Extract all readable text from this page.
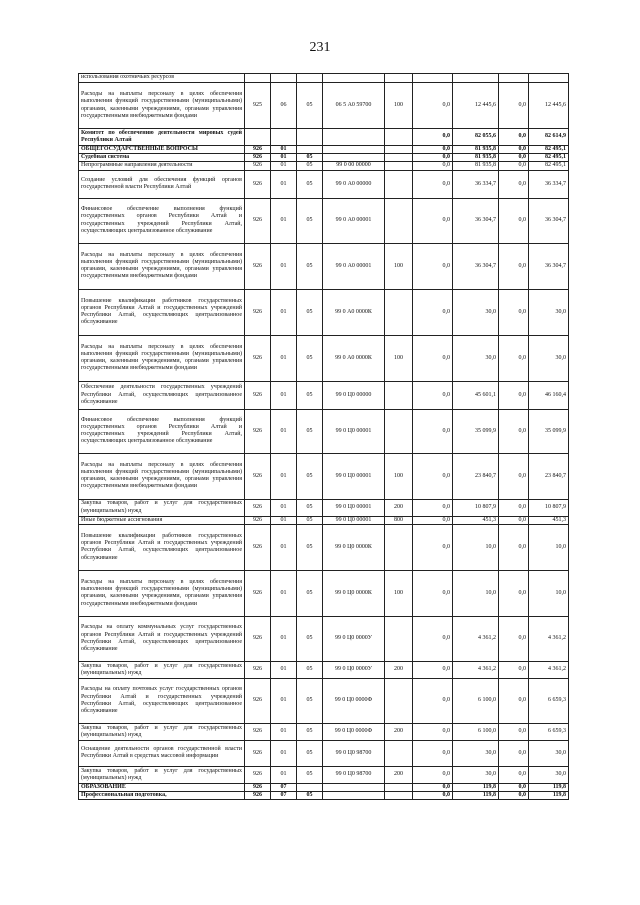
231
использования охотничьих ресурсов									
Расходы на выплаты персоналу в целях обеспечения выполнения функций государственными (муниципальными) органами, казенными учреждениями, органами управления государственными внебюджетными фондами	925	06	05	06 5 А0 59700	100	0,0	12 445,6	0,0	12 445,6
Комитет по обеспечению деятельности мировых судей Республики Алтай						0,0	82 055,6	0,0	82 614,9
ОБЩЕГОСУДАРСТВЕННЫЕ ВОПРОСЫ	926	01				0,0	81 935,8	0,0	82 495,1
Судебная система	926	01	05			0,0	81 935,8	0,0	82 495,1
Непрограммные направления деятельности	926	01	05	99 0 00 00000		0,0	81 935,8	0,0	82 495,1
Создание условий для обеспечения функций органов государственной власти Республики Алтай	926	01	05	99 0 А0 00000		0,0	36 334,7	0,0	36 334,7
Финансовое обеспечение выполнения функций государственных органов Республики Алтай и государственных учреждений Республики Алтай, осуществляющих централизованное обслуживание	926	01	05	99 0 А0 00001		0,0	36 304,7	0,0	36 304,7
Расходы на выплаты персоналу в целях обеспечения выполнения функций государственными (муниципальными) органами, казенными учреждениями, органами управления государственными внебюджетными фондами	926	01	05	99 0 А0 00001	100	0,0	36 304,7	0,0	36 304,7
Повышение квалификации работников государственных органов Республики Алтай и государственных учреждений Республики Алтай, осуществляющих централизованное обслуживание	926	01	05	99 0 А0 0000К		0,0	30,0	0,0	30,0
Расходы на выплаты персоналу в целях обеспечения выполнения функций государственными (муниципальными) органами, казенными учреждениями, органами управления государственными внебюджетными фондами	926	01	05	99 0 А0 0000К	100	0,0	30,0	0,0	30,0
Обеспечение деятельности государственных учреждений Республики Алтай, осуществляющих централизованное обслуживание	926	01	05	99 0 Ц0 00000		0,0	45 601,1	0,0	46 160,4
Финансовое обеспечение выполнения функций государственных органов Республики Алтай и государственных учреждений Республики Алтай, осуществляющих централизованное обслуживание	926	01	05	99 0 Ц0 00001		0,0	35 099,9	0,0	35 099,9
Расходы на выплаты персоналу в целях обеспечения выполнения функций государственными (муниципальными) органами, казенными учреждениями, органами управления государственными внебюджетными фондами	926	01	05	99 0 Ц0 00001	100	0,0	23 840,7	0,0	23 840,7
Закупка товаров, работ и услуг для государственных (муниципальных) нужд	926	01	05	99 0 Ц0 00001	200	0,0	10 807,9	0,0	10 807,9
Иные бюджетные ассигнования	926	01	05	99 0 Ц0 00001	800	0,0	451,3	0,0	451,3
Повышение квалификации работников государственных органов Республики Алтай и государственных учреждений Республики Алтай, осуществляющих централизованное обслуживание	926	01	05	99 0 Ц0 0000К		0,0	10,0	0,0	10,0
Расходы на выплаты персоналу в целях обеспечения выполнения функций государственными (муниципальными) органами, казенными учреждениями, органами управления государственными внебюджетными фондами	926	01	05	99 0 Ц0 0000К	100	0,0	10,0	0,0	10,0
Расходы на оплату коммунальных услуг государственных органов Республики Алтай и государственных учреждений Республики Алтай, осуществляющих централизованное обслуживание	926	01	05	99 0 Ц0 0000У		0,0	4 361,2	0,0	4 361,2
Закупка товаров, работ и услуг для государственных (муниципальных) нужд	926	01	05	99 0 Ц0 0000У	200	0,0	4 361,2	0,0	4 361,2
Расходы на оплату почтовых услуг государственных органов Республики Алтай и государственных учреждений Республики Алтай, осуществляющих централизованное обслуживание	926	01	05	99 0 Ц0 0000Ф		0,0	6 100,0	0,0	6 659,3
Закупка товаров, работ и услуг для государственных (муниципальных) нужд	926	01	05	99 0 Ц0 0000Ф	200	0,0	6 100,0	0,0	6 659,3
Оснащение деятельности органов государственной власти Республики Алтай в средствах массовой информации	926	01	05	99 0 Ц0 98700		0,0	30,0	0,0	30,0
Закупка товаров, работ и услуг для государственных (муниципальных) нужд	926	01	05	99 0 Ц0 98700	200	0,0	30,0	0,0	30,0
ОБРАЗОВАНИЕ	926	07				0,0	119,8	0,0	119,8
Профессиональная подготовка,	926	07	05			0,0	119,8	0,0	119,8
